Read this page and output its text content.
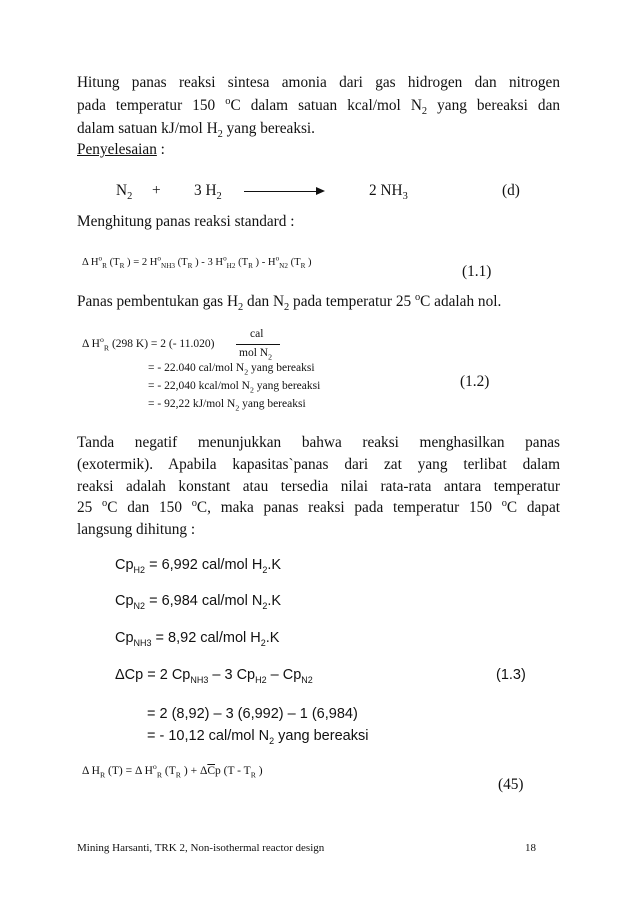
Hitung panas reaksi sintesa amonia dari gas hidrogen dan nitrogen
pada temperatur 150 $^o$C dalam satuan kcal/mol $N_2$ yang bereaksi dan
dalam satuan kJ/mol $H_2$ yang bereaksi.
Penyelesaian :
$N_2 + 3$ $H_2$	2 $NH_3$	(d)
Menghitung panas reaksi standard :
Δ $H^o_R$ ($T_R$ ) = 2 $H^o_{NH3}$ ($T_R$ ) - 3 $H^o_{H2}$ ($T_R$ ) - $H^o_{N2}$ ($T_R$ )
(1.1)
Panas pembentukan gas $H_2$ dan $N_2$ pada temperatur 25 $^o$C adalah nol.
Δ $H^o_R$ (298 K) = 2 (- 11.020)
cal
mol $N_2$
= - 22.040 cal/mol $N_2$ yang bereaksi
= - 22,040 kcal/mol $N_2$ yang bereaksi
= - 92,22 kJ/mol $N_2$ yang bereaksi
(1.2)
Tanda negatif menunjukkan bahwa reaksi menghasilkan panas
(exotermik). Apabila kapasitas`panas dari zat yang terlibat dalam
reaksi adalah konstant atau tersedia nilai rata-rata antara temperatur
25 $^o$C dan 150 $^o$C, maka panas reaksi pada temperatur 150 $^o$C dapat
langsung dihitung :
$Cp_{H2} = 6,992$ cal/mol $H_2.K$
$Cp_{N2} = 6,984$ cal/mol $N_2.K$
$Cp_{NH3} = 8,92$ cal/mol $H_2.K$
ΔCp = 2 $Cp_{NH3} - 3$ $Cp_{H2} - Cp_{N2}$	(1.3)
= 2 (8,92) – 3 (6,992) – 1 (6,984)
= - 10,12 cal/mol $N_2$ yang bereaksi
Δ $H_R$ (T) = Δ $H^o_R$ ($T_R$ ) + $\Delta\overline{C}p$ ($T - T_R$ )
(45)
Mining Harsanti, TRK 2, Non-isothermal reactor design	18
